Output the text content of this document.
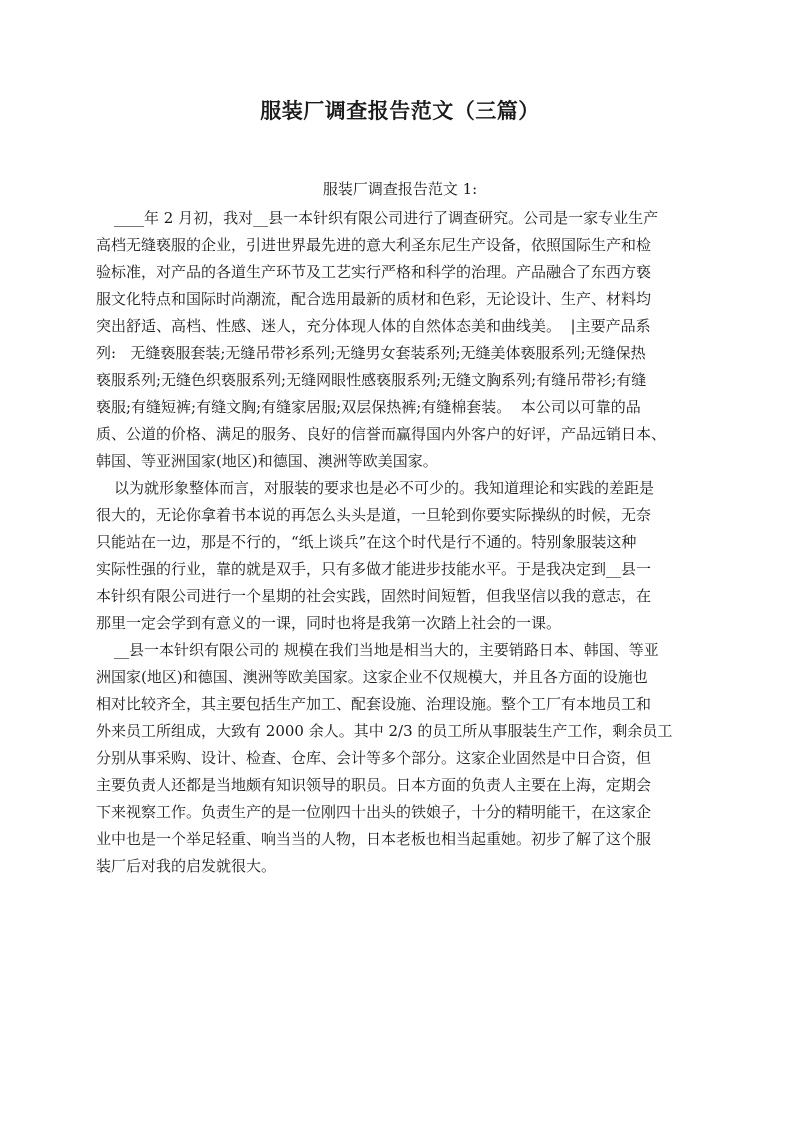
服装厂调查报告范文（三篇）
服装厂调查报告范文 1:
____年 2 月初，我对__县一本针织有限公司进行了调查研究。公司是一家专业生产
高档无缝亵服的企业，引进世界最先进的意大利圣东尼生产设备，依照国际生产和检
验标准，对产品的各道生产环节及工艺实行严格和科学的治理。产品融合了东西方亵
服文化特点和国际时尚潮流，配合选用最新的质材和色彩，无论设计、生产、材料均
突出舒适、高档、性感、迷人，充分体现人体的自然体态美和曲线美。  |主要产品系
列:   无缝亵服套装;无缝吊带衫系列;无缝男女套装系列;无缝美体亵服系列;无缝保热
亵服系列;无缝色织亵服系列;无缝网眼性感亵服系列;无缝文胸系列;有缝吊带衫;有缝
亵服;有缝短裤;有缝文胸;有缝家居服;双层保热裤;有缝棉套装。  本公司以可靠的品
质、公道的价格、满足的服务、良好的信誉而赢得国内外客户的好评，产品远销日本、
韩国、等亚洲国家(地区)和德国、澳洲等欧美国家。
以为就形象整体而言，对服装的要求也是必不可少的。我知道理论和实践的差距是
很大的，无论你拿着书本说的再怎么头头是道，一旦轮到你要实际操纵的时候，无奈
只能站在一边，那是不行的，“纸上谈兵”在这个时代是行不通的。特别象服装这种
实际性强的行业，靠的就是双手，只有多做才能进步技能水平。于是我决定到__县一
本针织有限公司进行一个星期的社会实践，固然时间短暂，但我坚信以我的意志，在
那里一定会学到有意义的一课，同时也将是我第一次踏上社会的一课。
__县一本针织有限公司的 规模在我们当地是相当大的，主要销路日本、韩国、等亚
洲国家(地区)和德国、澳洲等欧美国家。这家企业不仅规模大，并且各方面的设施也
相对比较齐全，其主要包括生产加工、配套设施、治理设施。整个工厂有本地员工和
外来员工所组成，大致有 2000 余人。其中 2/3 的员工所从事服装生产工作，剩余员工
分别从事采购、设计、检查、仓库、会计等多个部分。这家企业固然是中日合资，但
主要负责人还都是当地颇有知识领导的职员。日本方面的负责人主要在上海，定期会
下来视察工作。负责生产的是一位刚四十出头的铁娘子，十分的精明能干，在这家企
业中也是一个举足轻重、响当当的人物，日本老板也相当起重她。初步了解了这个服
装厂后对我的启发就很大。
